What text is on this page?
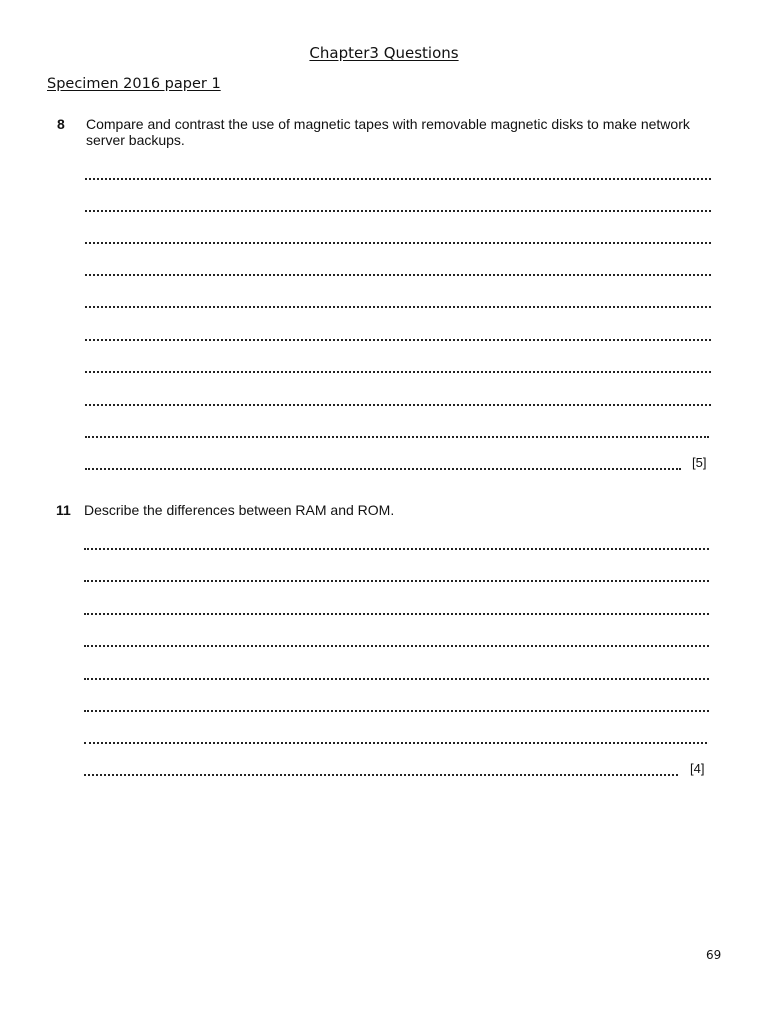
Chapter3 Questions
Specimen 2016 paper 1
8 Compare and contrast the use of magnetic tapes with removable magnetic disks to make network server backups.
[5]
11 Describe the differences between RAM and ROM.
[4]
69
